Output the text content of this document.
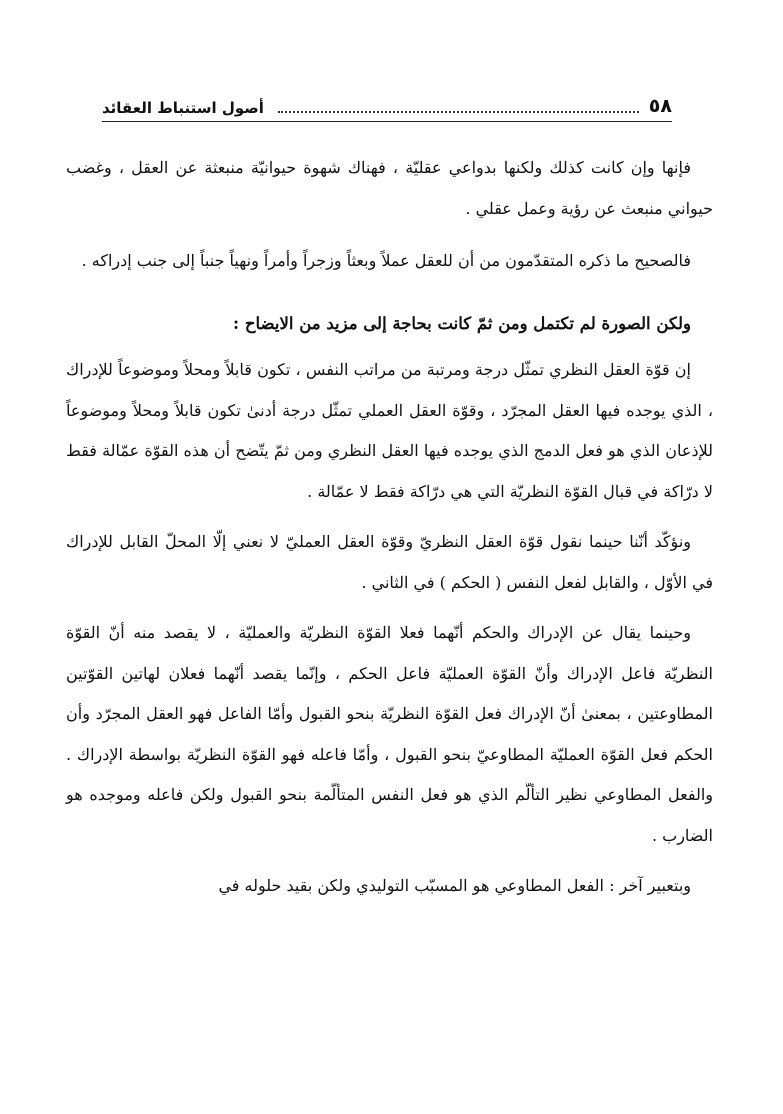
٥٨
أصول استنباط العقائد

فإنها وإن كانت كذلك ولكنها بدواعي عقليّة ، فهناك شهوة حيوانيّة منبعثة عن العقل ، وغضب حيواني منبعث عن رؤية وعمل عقلي .

فالصحيح ما ذكره المتقدّمون من أن للعقل عملاً وبعثاً وزجراً وأمراً ونهياً جنباً إلى جنب إدراكه .

ولكن الصورة لم تكتمل ومن ثمّ كانت بحاجة إلى مزيد من الايضاح :

إن قوّة العقل النظري تمثّل درجة ومرتبة من مراتب النفس ، تكون قابلاً ومحلاً وموضوعاً للإدراك ، الذي يوجده فيها العقل المجرّد ، وقوّة العقل العملي تمثّل درجة أدنىٰ تكون قابلاً ومحلاً وموضوعاً للإذعان الذي هو فعل الدمج الذي يوجده فيها العقل النظري ومن ثمّ يتّضح أن هذه القوّة عمّالة فقط لا درّاكة في قبال القوّة النظريّة التي هي درّاكة فقط لا عمّالة .

ونؤكّد أنّنا حينما نقول قوّة العقل النظريّ وقوّة العقل العمليّ لا نعني إلّا المحلّ القابل للإدراك في الأوّل ، والقابل لفعل النفس ( الحكم ) في الثاني .

وحينما يقال عن الإدراك والحكم أنّهما فعلا القوّة النظريّة والعمليّة ، لا يقصد منه أنّ القوّة النظريّة فاعل الإدراك وأنّ القوّة العمليّة فاعل الحكم ، وإنّما يقصد أنّهما فعلان لهاتين القوّتين المطاوعتين ، بمعنىٰ أنّ الإدراك فعل القوّة النظريّة بنحو القبول وأمّا الفاعل فهو العقل المجرّد وأن الحكم فعل القوّة العمليّة المطاوعيّ بنحو القبول ، وأمّا فاعله فهو القوّة النظريّة بواسطة الإدراك . والفعل المطاوعي نظير التألّم الذي هو فعل النفس المتألّمة بنحو القبول ولكن فاعله وموجده هو الضارب .

وبتعبير آخر : الفعل المطاوعي هو المسبّب التوليدي ولكن بقيد حلوله في
